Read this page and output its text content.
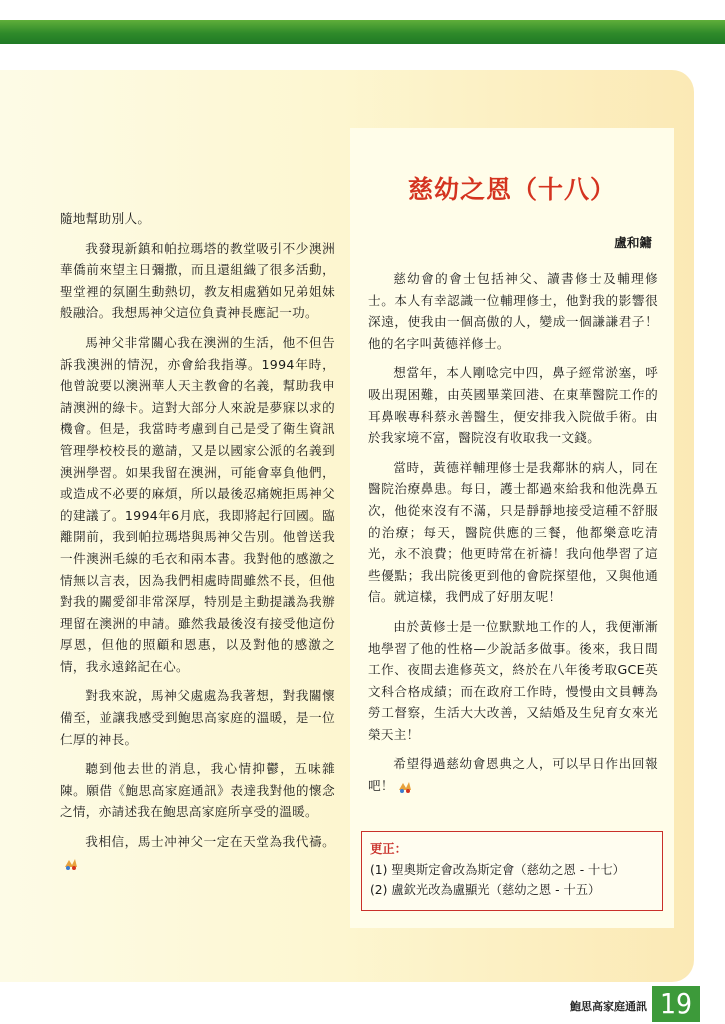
隨地幫助別人。

我發現新鎮和帕拉瑪塔的教堂吸引不少澳洲華僑前來望主日彌撒，而且還組織了很多活動，聖堂裡的氛圍生動熱切，教友相處猶如兄弟姐妹般融洽。我想馬神父這位負責神長應記一功。

馬神父非常關心我在澳洲的生活，他不但告訴我澳洲的情況，亦會給我指導。1994年時，他曾說要以澳洲華人天主教會的名義，幫助我申請澳洲的綠卡。這對大部分人來說是夢寐以求的機會。但是，我當時考慮到自己是受了衛生資訊管理學校校長的邀請，又是以國家公派的名義到澳洲學習。如果我留在澳洲，可能會辜負他們，或造成不必要的麻煩，所以最後忍痛婉拒馬神父的建議了。1994年6月底，我即將起行回國。臨離開前，我到帕拉瑪塔與馬神父告別。他曾送我一件澳洲毛線的毛衣和兩本書。我對他的感激之情無以言表，因為我們相處時間雖然不長，但他對我的關愛卻非常深厚，特別是主動提議為我辦理留在澳洲的申請。雖然我最後沒有接受他這份厚恩，但他的照顧和恩惠，以及對他的感激之情，我永遠銘記在心。

對我來說，馬神父處處為我著想，對我關懷備至，並讓我感受到鮑思高家庭的溫暖，是一位仁厚的神長。

聽到他去世的消息，我心情抑鬱，五味雜陳。願借《鮑思高家庭通訊》表達我對他的懷念之情，亦請述我在鮑思高家庭所享受的溫暖。

我相信，馬士冲神父一定在天堂為我代禱。

慈幼之恩（十八）
盧和鏞

慈幼會的會士包括神父、讀書修士及輔理修士。本人有幸認識一位輔理修士，他對我的影響很深遠，使我由一個高傲的人，變成一個謙謙君子！他的名字叫黃德祥修士。

想當年，本人剛唸完中四，鼻子經常淤塞，呼吸出現困難，由英國畢業回港、在東華醫院工作的耳鼻喉專科蔡永善醫生，便安排我入院做手術。由於我家境不富，醫院沒有收取我一文錢。

當時，黃德祥輔理修士是我鄰牀的病人，同在醫院治療鼻患。每日，護士都過來給我和他洗鼻五次，他從來沒有不滿，只是靜靜地接受這種不舒服的治療；每天，醫院供應的三餐，他都樂意吃清光，永不浪費；他更時常在祈禱！我向他學習了這些優點；我出院後更到他的會院探望他，又與他通信。就這樣，我們成了好朋友呢！

由於黃修士是一位默默地工作的人，我便漸漸地學習了他的性格—少說話多做事。後來，我日間工作、夜間去進修英文，終於在八年後考取GCE英文科合格成績；而在政府工作時，慢慢由文員轉為勞工督察，生活大大改善，又結婚及生兒育女來光榮天主！

希望得過慈幼會恩典之人，可以早日作出回報吧！

更正：
(1) 聖奧斯定會改為斯定會（慈幼之恩 - 十七）
(2) 盧欽光改為盧顯光（慈幼之恩 - 十五）
鮑思高家庭通訊 19
